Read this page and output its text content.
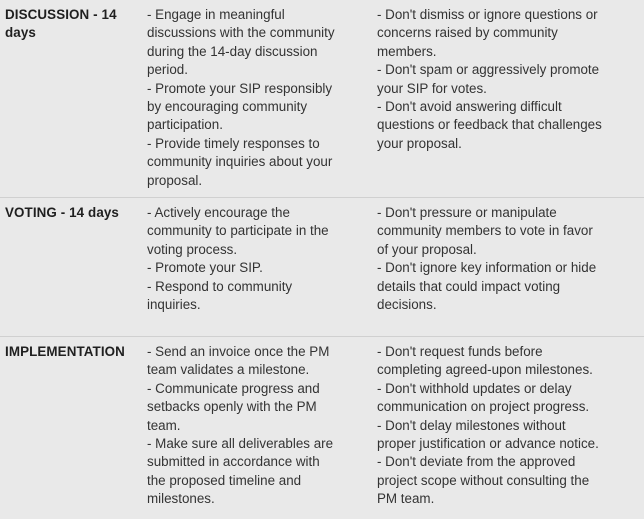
DISCUSSION - 14
days
- Engage in meaningful
discussions with the community
during the 14-day discussion
period.
- Promote your SIP responsibly
by encouraging community
participation.
- Provide timely responses to
community inquiries about your
proposal.
- Don't dismiss or ignore questions or
concerns raised by community
members.
- Don't spam or aggressively promote
your SIP for votes.
- Don't avoid answering difficult
questions or feedback that challenges
your proposal.
VOTING - 14 days	- Actively encourage the
community to participate in the
voting process.
- Promote your SIP.
- Respond to community
inquiries.
- Don't pressure or manipulate
community members to vote in favor
of your proposal.
- Don't ignore key information or hide
details that could impact voting
decisions.
IMPLEMENTATION	- Send an invoice once the PM
team validates a milestone.
- Communicate progress and
setbacks openly with the PM
team.
- Make sure all deliverables are
submitted in accordance with
the proposed timeline and
milestones.
- Don't request funds before
completing agreed-upon milestones.
- Don't withhold updates or delay
communication on project progress.
- Don't delay milestones without
proper justification or advance notice.
- Don't deviate from the approved
project scope without consulting the
PM team.
